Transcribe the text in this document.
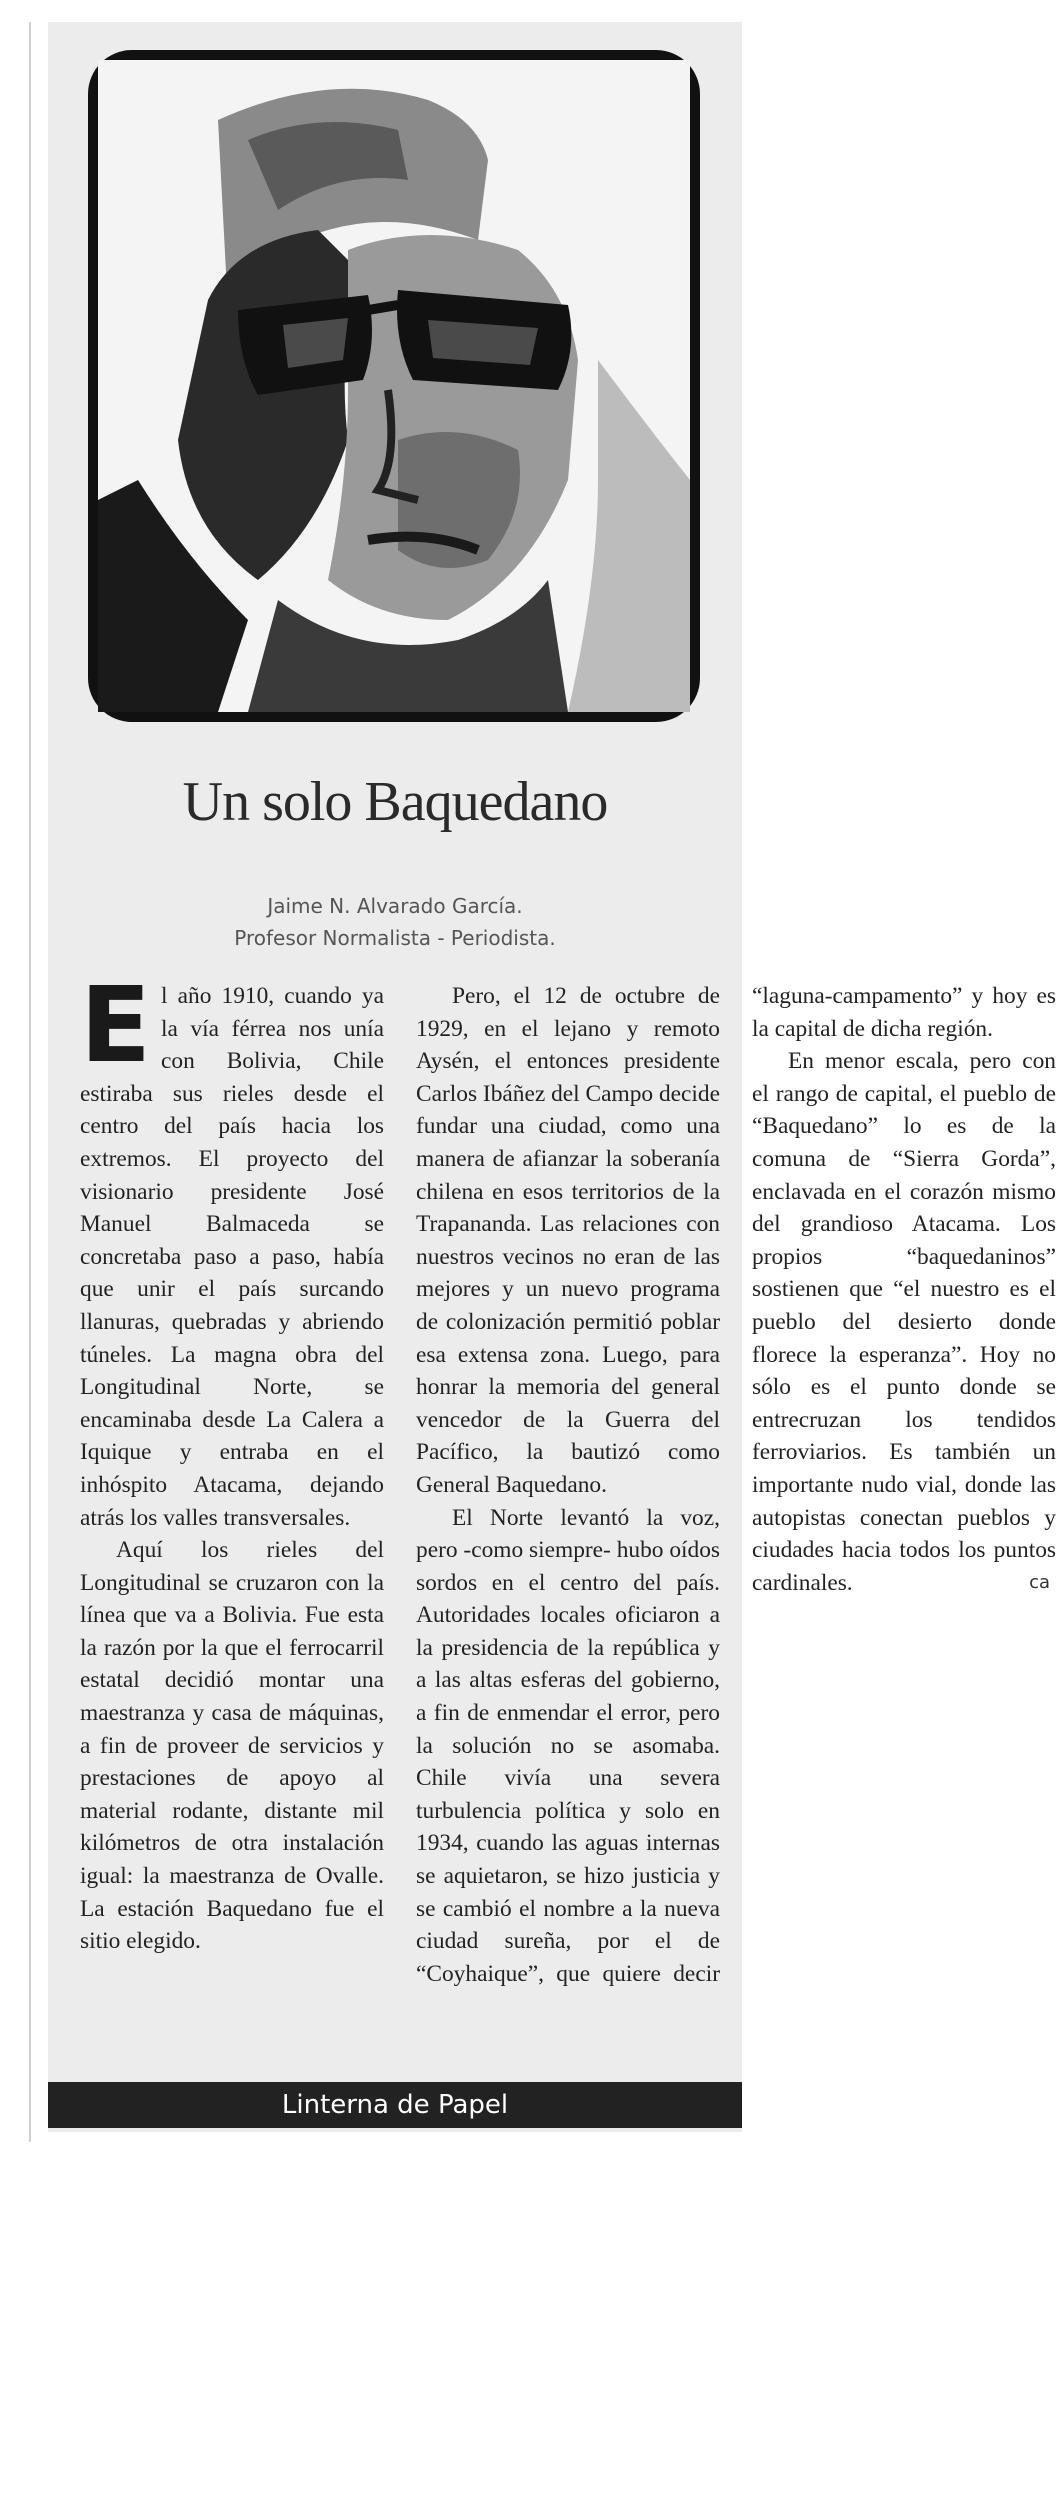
Un solo Baquedano
Jaime N. Alvarado García.
Profesor Normalista - Periodista.

El año 1910, cuando ya la vía férrea nos unía con Bolivia, Chile estiraba sus rieles desde el centro del país hacia los extremos. El proyecto del visionario presidente José Manuel Balmaceda se concretaba paso a paso, había que unir el país surcando llanuras, quebradas y abriendo túneles. La magna obra del Longitudinal Norte, se encaminaba desde La Calera a Iquique y entraba en el inhóspito Atacama, dejando atrás los valles transversales.

Aquí los rieles del Longitudinal se cruzaron con la línea que va a Bolivia. Fue esta la razón por la que el ferrocarril estatal decidió montar una maestranza y casa de máquinas, a fin de proveer de servicios y prestaciones de apoyo al material rodante, distante mil kilómetros de otra instalación igual: la maestranza de Ovalle. La estación Baquedano fue el sitio elegido.

Pero, el 12 de octubre de 1929, en el lejano y remoto Aysén, el entonces presidente Carlos Ibáñez del Campo decide fundar una ciudad, como una manera de afianzar la soberanía chilena en esos territorios de la Trapananda. Las relaciones con nuestros vecinos no eran de las mejores y un nuevo programa de colonización permitió poblar esa extensa zona. Luego, para honrar la memoria del general vencedor de la Guerra del Pacífico, la bautizó como General Baquedano.

El Norte levantó la voz, pero -como siempre- hubo oídos sordos en el centro del país. Autoridades locales oficiaron a la presidencia de la república y a las altas esferas del gobierno, a fin de enmendar el error, pero la solución no se asomaba. Chile vivía una severa turbulencia política y solo en 1934, cuando las aguas internas se aquietaron, se hizo justicia y se cambió el nombre a la nueva ciudad sureña, por el de “Coyhaique”, que quiere decir “laguna-campamento” y hoy es la capital de dicha región.

En menor escala, pero con el rango de capital, el pueblo de “Baquedano” lo es de la comuna de “Sierra Gorda”, enclavada en el corazón mismo del grandioso Atacama. Los propios “baquedaninos” sostienen que “el nuestro es el pueblo del desierto donde florece la esperanza”. Hoy no sólo es el punto donde se entrecruzan los tendidos ferroviarios. Es también un importante nudo vial, donde las autopistas conectan pueblos y ciudades hacia todos los puntos cardinales.	ca

Linterna de Papel
